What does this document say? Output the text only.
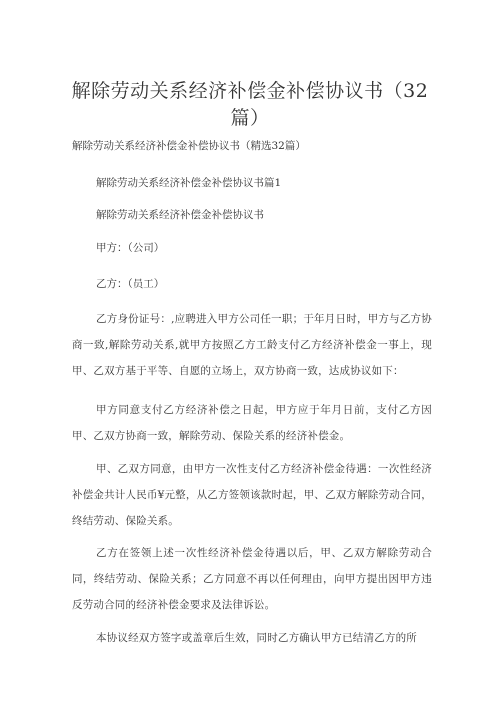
解除劳动关系经济补偿金补偿协议书（32篇）
解除劳动关系经济补偿金补偿协议书（精选32篇）
解除劳动关系经济补偿金补偿协议书篇1
解除劳动关系经济补偿金补偿协议书
甲方：（公司）
乙方：（员工）

乙方身份证号：,应聘进入甲方公司任一职；于年月日时，甲方与乙方协商一致,解除劳动关系,就甲方按照乙方工龄支付乙方经济补偿金一事上，现甲、乙双方基于平等、自愿的立场上，双方协商一致，达成协议如下：

甲方同意支付乙方经济补偿之日起，甲方应于年月日前，支付乙方因甲、乙双方协商一致，解除劳动、保险关系的经济补偿金。

甲、乙双方同意，由甲方一次性支付乙方经济补偿金待遇：一次性经济补偿金共计人民币¥元整，从乙方签领该款时起，甲、乙双方解除劳动合同，终结劳动、保险关系。

乙方在签领上述一次性经济补偿金待遇以后，甲、乙双方解除劳动合同，终结劳动、保险关系；乙方同意不再以任何理由，向甲方提出因甲方违反劳动合同的经济补偿金要求及法律诉讼。

本协议经双方签字或盖章后生效，同时乙方确认甲方已结清乙方的所
